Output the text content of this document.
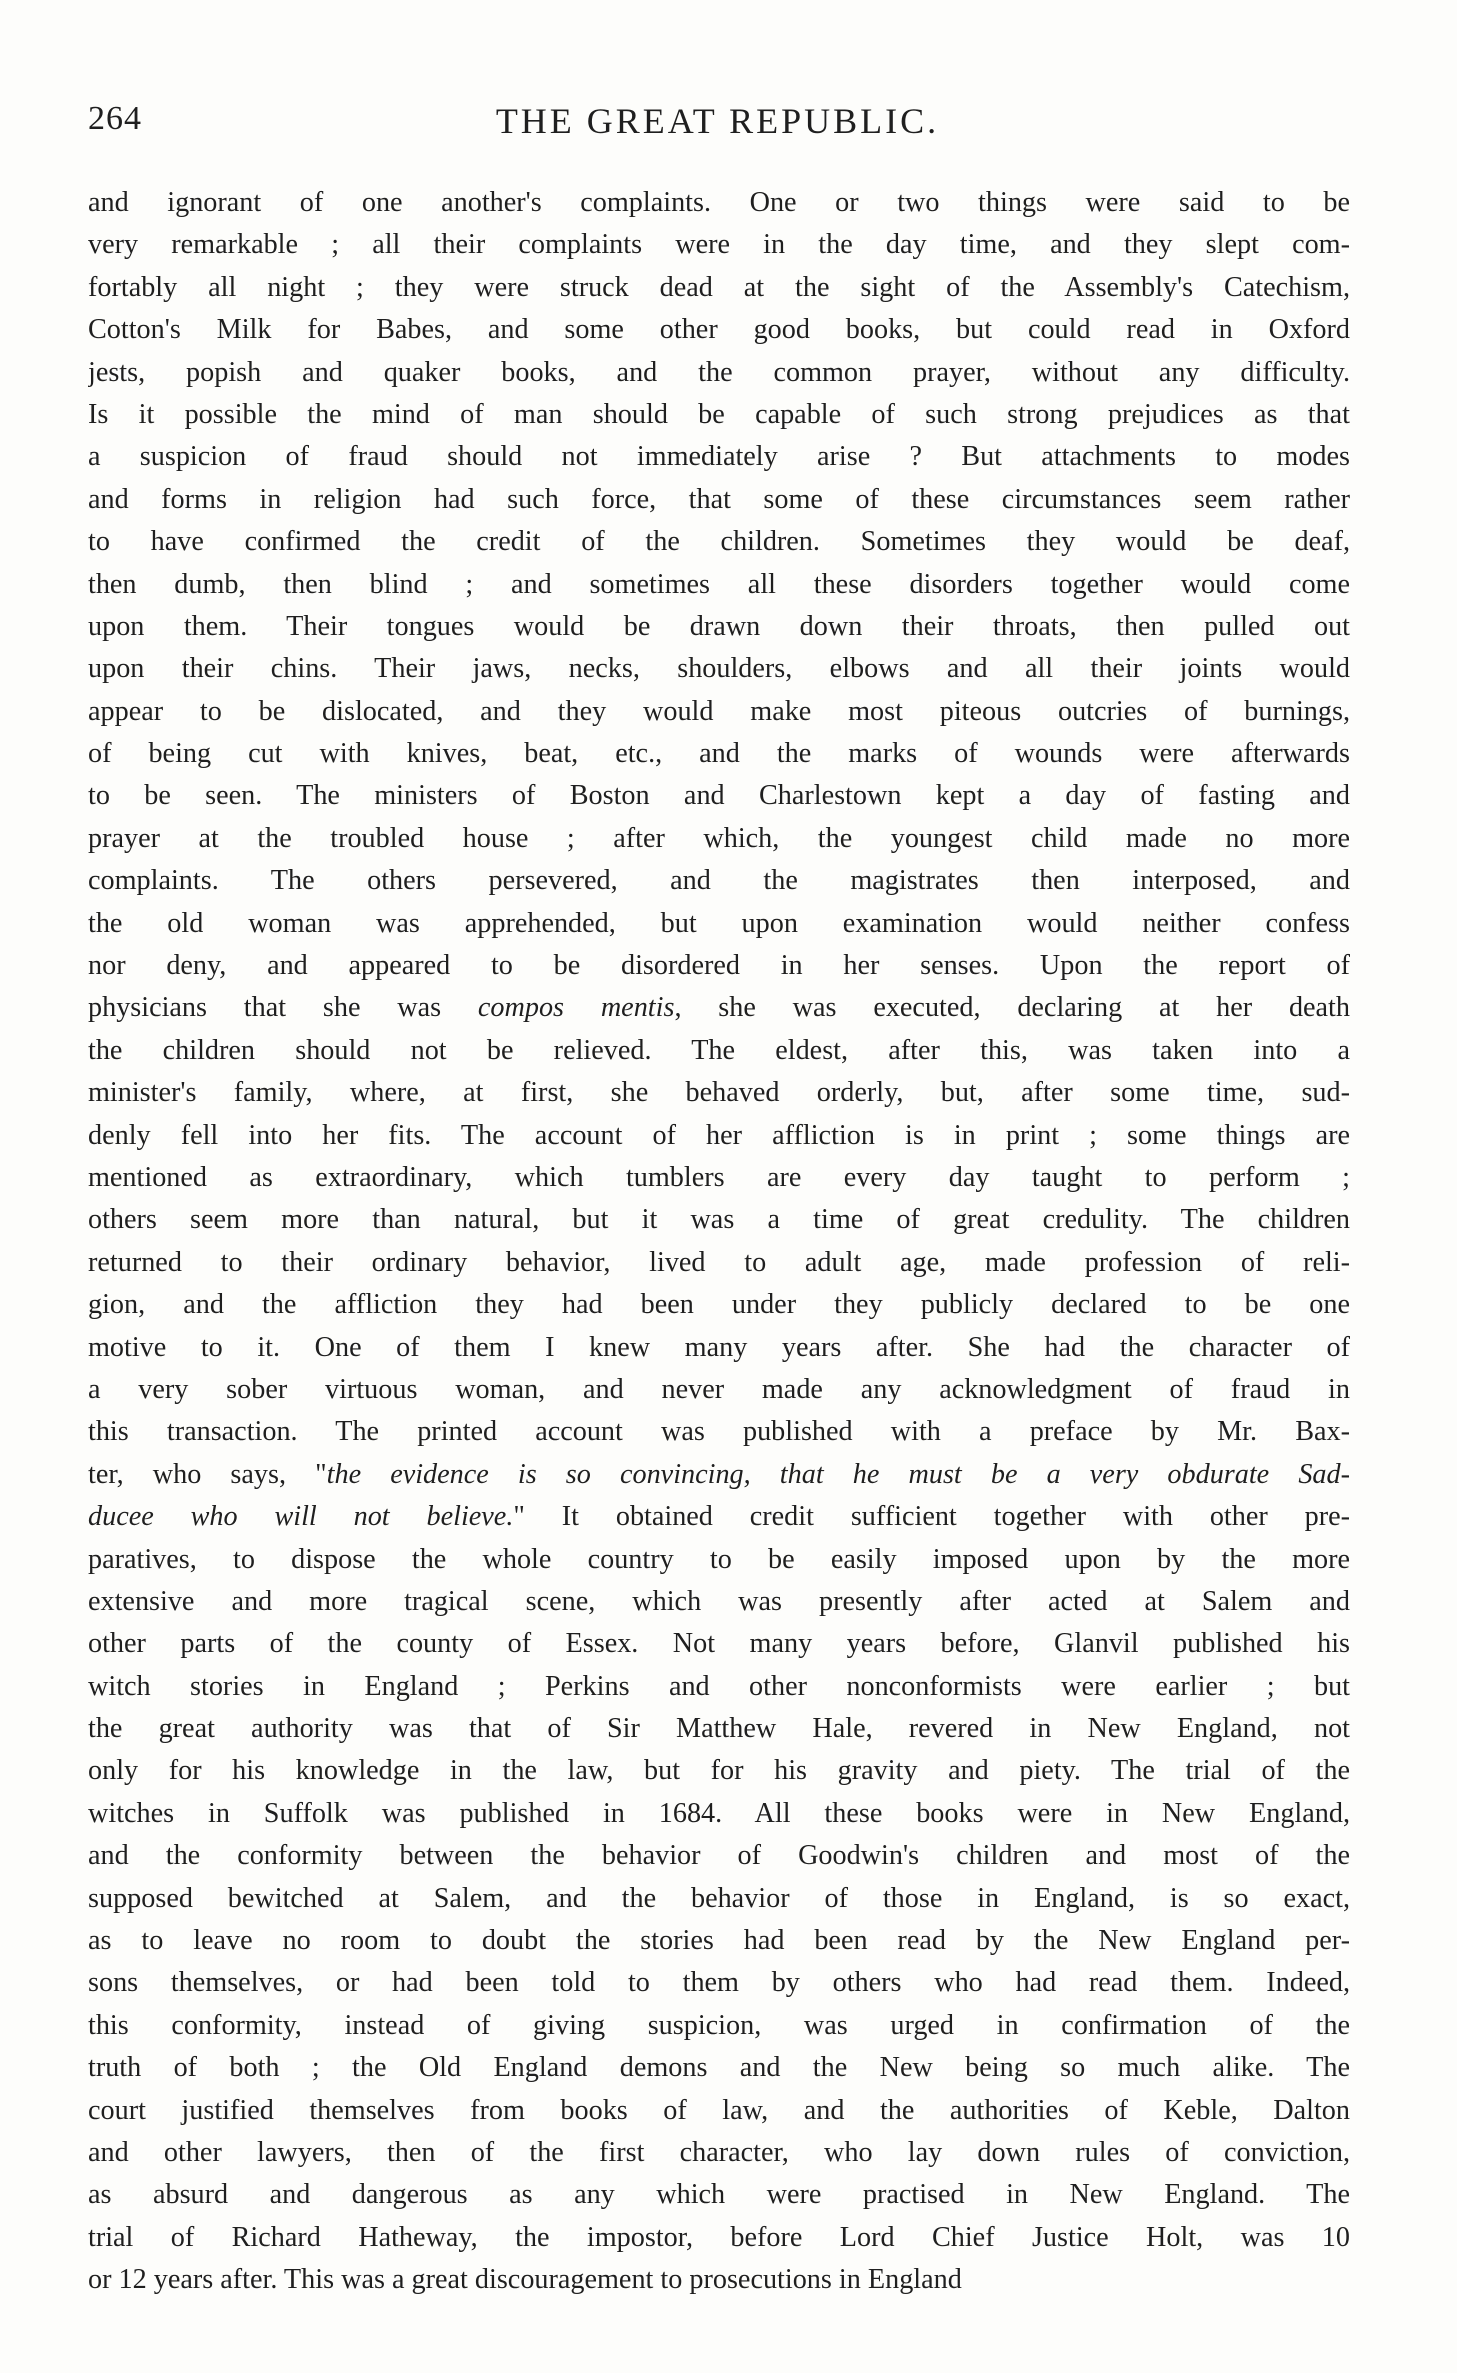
264	THE GREAT REPUBLIC.
and ignorant of one another's complaints. One or two things were said to be
very remarkable ; all their complaints were in the day time, and they slept com-
fortably all night ; they were struck dead at the sight of the Assembly's Catechism,
Cotton's Milk for Babes, and some other good books, but could read in Oxford
jests, popish and quaker books, and the common prayer, without any difficulty.
Is it possible the mind of man should be capable of such strong prejudices as that
a suspicion of fraud should not immediately arise ? But attachments to modes
and forms in religion had such force, that some of these circumstances seem rather
to have confirmed the credit of the children. Sometimes they would be deaf,
then dumb, then blind ; and sometimes all these disorders together would come
upon them. Their tongues would be drawn down their throats, then pulled out
upon their chins. Their jaws, necks, shoulders, elbows and all their joints would
appear to be dislocated, and they would make most piteous outcries of burnings,
of being cut with knives, beat, etc., and the marks of wounds were afterwards
to be seen. The ministers of Boston and Charlestown kept a day of fasting and
prayer at the troubled house ; after which, the youngest child made no more
complaints. The others persevered, and the magistrates then interposed, and
the old woman was apprehended, but upon examination would neither confess
nor deny, and appeared to be disordered in her senses. Upon the report of
physicians that she was compos mentis, she was executed, declaring at her death
the children should not be relieved. The eldest, after this, was taken into a
minister's family, where, at first, she behaved orderly, but, after some time, sud-
denly fell into her fits. The account of her affliction is in print ; some things are
mentioned as extraordinary, which tumblers are every day taught to perform ;
others seem more than natural, but it was a time of great credulity. The children
returned to their ordinary behavior, lived to adult age, made profession of reli-
gion, and the affliction they had been under they publicly declared to be one
motive to it. One of them I knew many years after. She had the character of
a very sober virtuous woman, and never made any acknowledgment of fraud in
this transaction. The printed account was published with a preface by Mr. Bax-
ter, who says, "the evidence is so convincing, that he must be a very obdurate Sad-
ducee who will not believe." It obtained credit sufficient together with other pre-
paratives, to dispose the whole country to be easily imposed upon by the more
extensive and more tragical scene, which was presently after acted at Salem and
other parts of the county of Essex. Not many years before, Glanvil published his
witch stories in England ; Perkins and other nonconformists were earlier ; but
the great authority was that of Sir Matthew Hale, revered in New England, not
only for his knowledge in the law, but for his gravity and piety. The trial of the
witches in Suffolk was published in 1684. All these books were in New England,
and the conformity between the behavior of Goodwin's children and most of the
supposed bewitched at Salem, and the behavior of those in England, is so exact,
as to leave no room to doubt the stories had been read by the New England per-
sons themselves, or had been told to them by others who had read them. Indeed,
this conformity, instead of giving suspicion, was urged in confirmation of the
truth of both ; the Old England demons and the New being so much alike. The
court justified themselves from books of law, and the authorities of Keble, Dalton
and other lawyers, then of the first character, who lay down rules of conviction,
as absurd and dangerous as any which were practised in New England. The
trial of Richard Hatheway, the impostor, before Lord Chief Justice Holt, was 10
or 12 years after. This was a great discouragement to prosecutions in England
